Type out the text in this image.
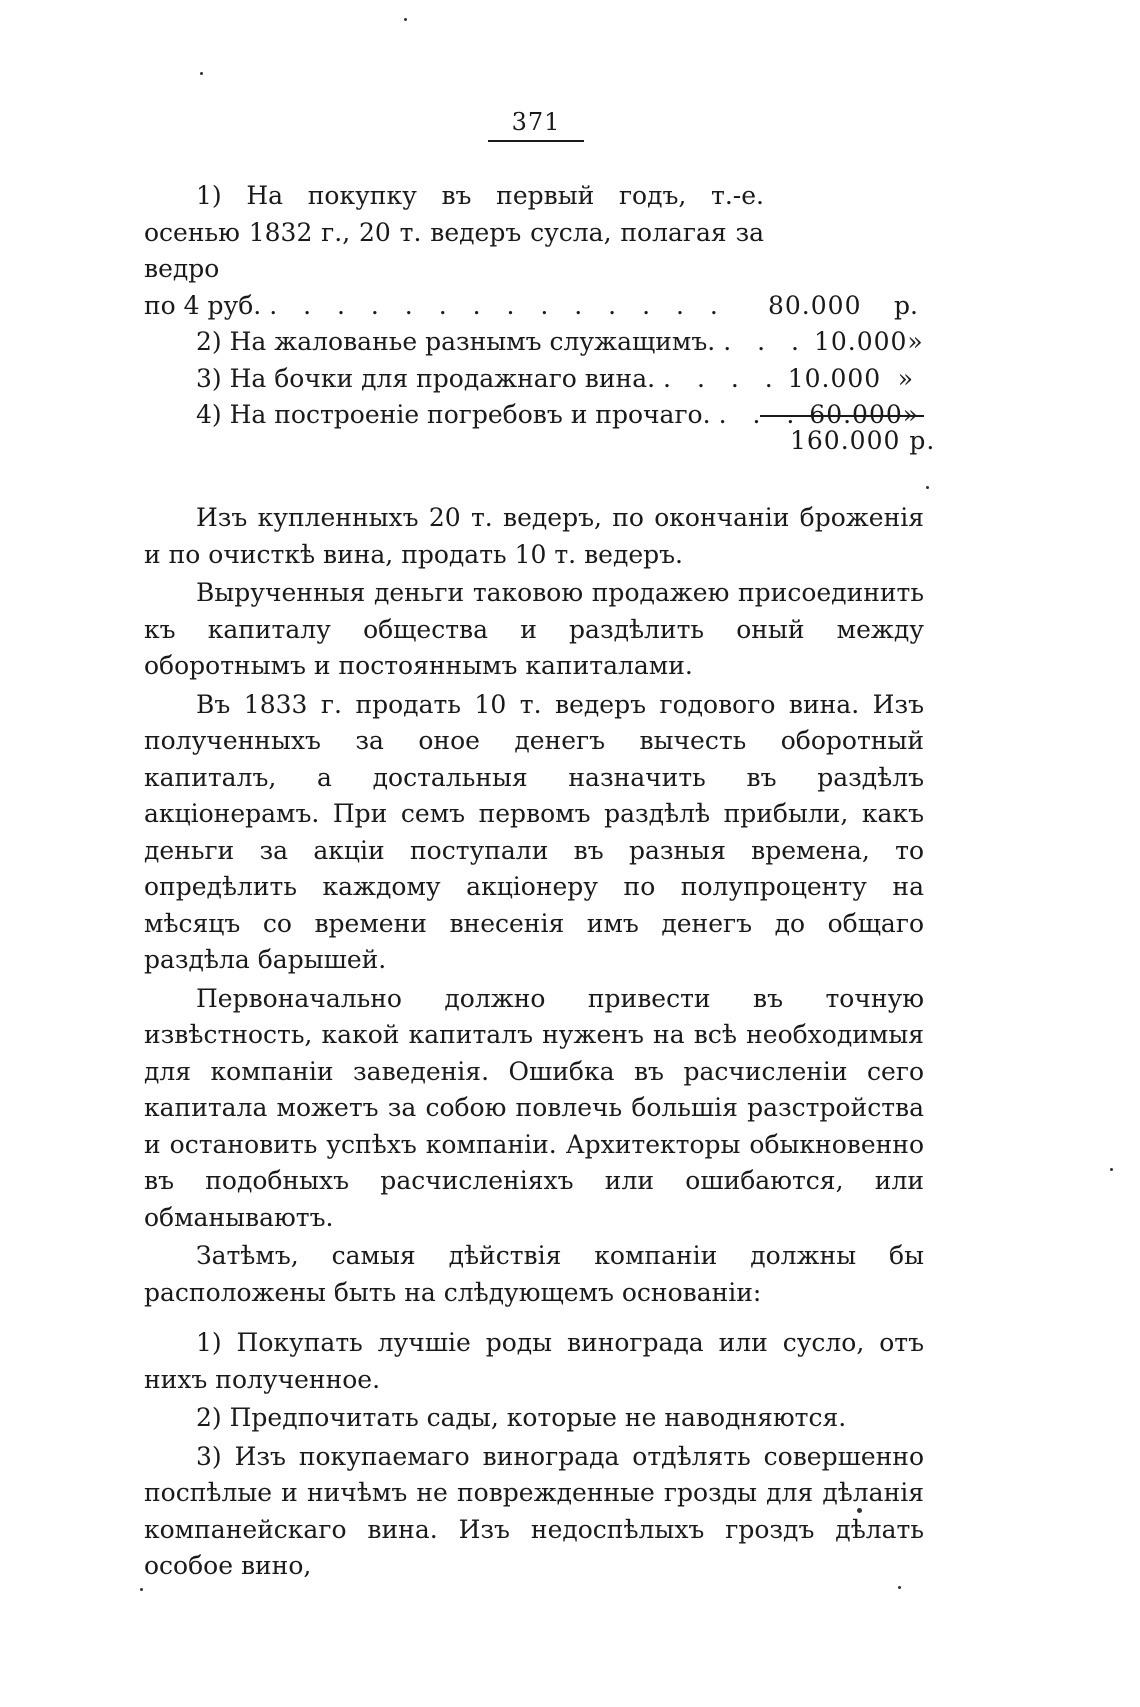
371
1) На покупку въ первый годъ, т.-е. осенью 1832 г., 20 т. ведеръ сусла, полагая за ведро
по 4 руб. . . . . . . . . . . . . . .	80.000	р.
2) На жалованье разнымъ служащимъ. . . . 10.000 »
3) На бочки для продажнаго вина. . . . . 10.000 »
4) На построеніе погребовъ и прочаго. . . . 60.000 »
160.000 р.

Изъ купленныхъ 20 т. ведеръ, по окончаніи броженія и по очисткѣ вина, продать 10 т. ведеръ.

Вырученныя деньги таковою продажею присоединить къ капиталу общества и раздѣлить оный между оборотнымъ и постояннымъ капиталами.

Въ 1833 г. продать 10 т. ведеръ годового вина. Изъ полученныхъ за оное денегъ вычесть оборотный капиталъ, а достальныя назначить въ раздѣлъ акціонерамъ. При семъ первомъ раздѣлѣ прибыли, какъ деньги за акціи поступали въ разныя времена, то опредѣлить каждому акціонеру по полупроценту на мѣсяцъ со времени внесенія имъ денегъ до общаго раздѣла барышей.

Первоначально должно привести въ точную извѣстность, какой капиталъ нуженъ на всѣ необходимыя для компаніи заведенія. Ошибка въ расчисленіи сего капитала можетъ за собою повлечь большія разстройства и остановить успѣхъ компаніи. Архитекторы обыкновенно въ подобныхъ расчисленіяхъ или ошибаются, или обманываютъ.

Затѣмъ, самыя дѣйствія компаніи должны бы расположены быть на слѣдующемъ основаніи:

1) Покупать лучшіе роды винограда или сусло, отъ нихъ полученное.

2) Предпочитать сады, которые не наводняются.

3) Изъ покупаемаго винограда отдѣлять совершенно поспѣлые и ничѣмъ не поврежденные грозды для дѣланія компанейскаго вина. Изъ недоспѣлыхъ гроздъ дѣлать особое вино,
